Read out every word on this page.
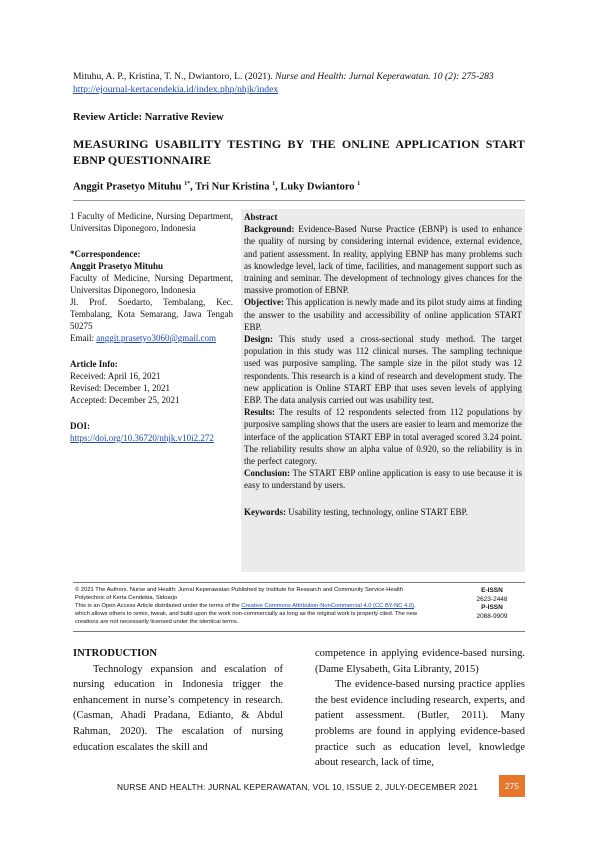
Mituhu, A. P., Kristina, T. N., Dwiantoro, L. (2021). Nurse and Health: Jurnal Keperawatan. 10 (2): 275-283
http://ejournal-kertacendekia.id/index.php/nhjk/index
Review Article: Narrative Review
MEASURING USABILITY TESTING BY THE ONLINE APPLICATION START EBNP QUESTIONNAIRE
Anggit Prasetyo Mituhu $^{1*}$, Tri Nur Kristina $^1$, Luky Dwiantoro $^1$

1 Faculty of Medicine, Nursing Department, Universitas Diponegoro, Indonesia

*Correspondence:

Anggit Prasetyo Mituhu

Faculty of Medicine, Nursing Department, Universitas Diponegoro, Indonesia

Jl. Prof. Soedarto, Tembalang, Kec. Tembalang, Kota Semarang, Jawa Tengah 50275

Email: anggit.prasetyo3060@gmail.com

Article Info:

Received: April 16, 2021

Revised: December 1, 2021

Accepted: December 25, 2021

DOI:

https://doi.org/10.36720/nhjk.v10i2.272

Abstract

Background: Evidence-Based Nurse Practice (EBNP) is used to enhance the quality of nursing by considering internal evidence, external evidence, and patient assessment. In reality, applying EBNP has many problems such as knowledge level, lack of time, facilities, and management support such as training and seminar. The development of technology gives chances for the massive promotion of EBNP.

Objective: This application is newly made and its pilot study aims at finding the answer to the usability and accessibility of online application START EBP.

Design: This study used a cross-sectional study method. The target population in this study was 112 clinical nurses. The sampling technique used was purposive sampling. The sample size in the pilot study was 12 respondents. This research is a kind of research and development study. The new application is Online START EBP that uses seven levels of applying EBP. The data analysis carried out was usability test.

Results: The results of 12 respondents selected from 112 populations by purposive sampling shows that the users are easier to learn and memorize the interface of the application START EBP in total averaged scored 3.24 point. The reliability results show an alpha value of 0.920, so the reliability is in the perfect category.

Conclusion: The START EBP online application is easy to use because it is easy to understand by users.

Keywords: Usability testing, technology, online START EBP.

© 2021 The Authors. Nurse and Health: Jurnal Keperawatan Published by Institute for Research and Community Service-Health Polytechnic of Kerta Cendekia, Sidoarjo
This is an Open Access Article distributed under the terms of the Creative Commons Attribution-NonCommercial 4.0 (CC BY-NC 4.0), which allows others to remix, tweak, and build upon the work non-commercially as long as the original work is properly cited. The new creations are not necessarily licensed under the identical terms.
E-ISSN
2623-2448
P-ISSN
2088-9909

INTRODUCTION

Technology expansion and escalation of nursing education in Indonesia trigger the enhancement in nurse’s competency in research. (Casman, Ahadi Pradana, Edianto, & Abdul Rahman, 2020). The escalation of nursing education escalates the skill and

competence in applying evidence-based nursing. (Dame Elysabeth, Gita Libranty, 2015)

The evidence-based nursing practice applies the best evidence including research, experts, and patient assessment. (Butler, 2011). Many problems are found in applying evidence-based practice such as education level, knowledge about research, lack of time,

NURSE AND HEALTH: JURNAL KEPERAWATAN, VOL 10, ISSUE 2, JULY-DECEMBER 2021	275
